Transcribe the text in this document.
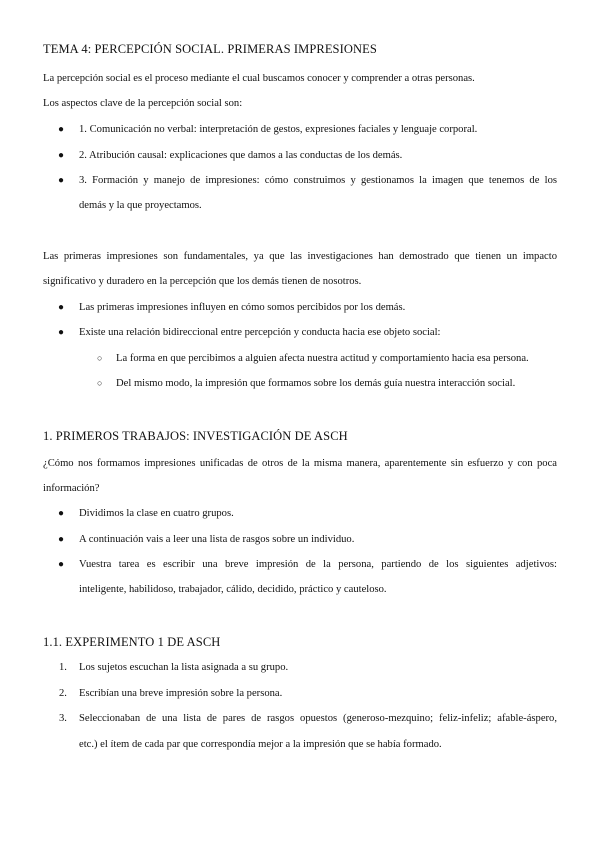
TEMA 4: PERCEPCIÓN SOCIAL. PRIMERAS IMPRESIONES
La percepción social es el proceso mediante el cual buscamos conocer y comprender a otras personas.
Los aspectos clave de la percepción social son:
●	1. Comunicación no verbal: interpretación de gestos, expresiones faciales y lenguaje corporal.
●	2. Atribución causal: explicaciones que damos a las conductas de los demás.
●	3. Formación y manejo de impresiones: cómo construimos y gestionamos la imagen que tenemos de los
demás y la que proyectamos.
Las primeras impresiones son fundamentales, ya que las investigaciones han demostrado que tienen un impacto
significativo y duradero en la percepción que los demás tienen de nosotros.
●	Las primeras impresiones influyen en cómo somos percibidos por los demás.
●	Existe una relación bidireccional entre percepción y conducta hacia ese objeto social:
○	La forma en que percibimos a alguien afecta nuestra actitud y comportamiento hacia esa persona.
○	Del mismo modo, la impresión que formamos sobre los demás guía nuestra interacción social.
1. PRIMEROS TRABAJOS: INVESTIGACIÓN DE ASCH
¿Cómo nos formamos impresiones unificadas de otros de la misma manera, aparentemente sin esfuerzo y con poca
información?
●	Dividimos la clase en cuatro grupos.
●	A continuación vais a leer una lista de rasgos sobre un individuo.
●	Vuestra tarea es escribir una breve impresión de la persona, partiendo de los siguientes adjetivos:
inteligente, habilidoso, trabajador, cálido, decidido, práctico y cauteloso.
1.1. EXPERIMENTO 1 DE ASCH
1.	Los sujetos escuchan la lista asignada a su grupo.
2.	Escribían una breve impresión sobre la persona.
3.	Seleccionaban de una lista de pares de rasgos opuestos (generoso-mezquino; feliz-infeliz; afable-áspero,
etc.) el ítem de cada par que correspondía mejor a la impresión que se había formado.
